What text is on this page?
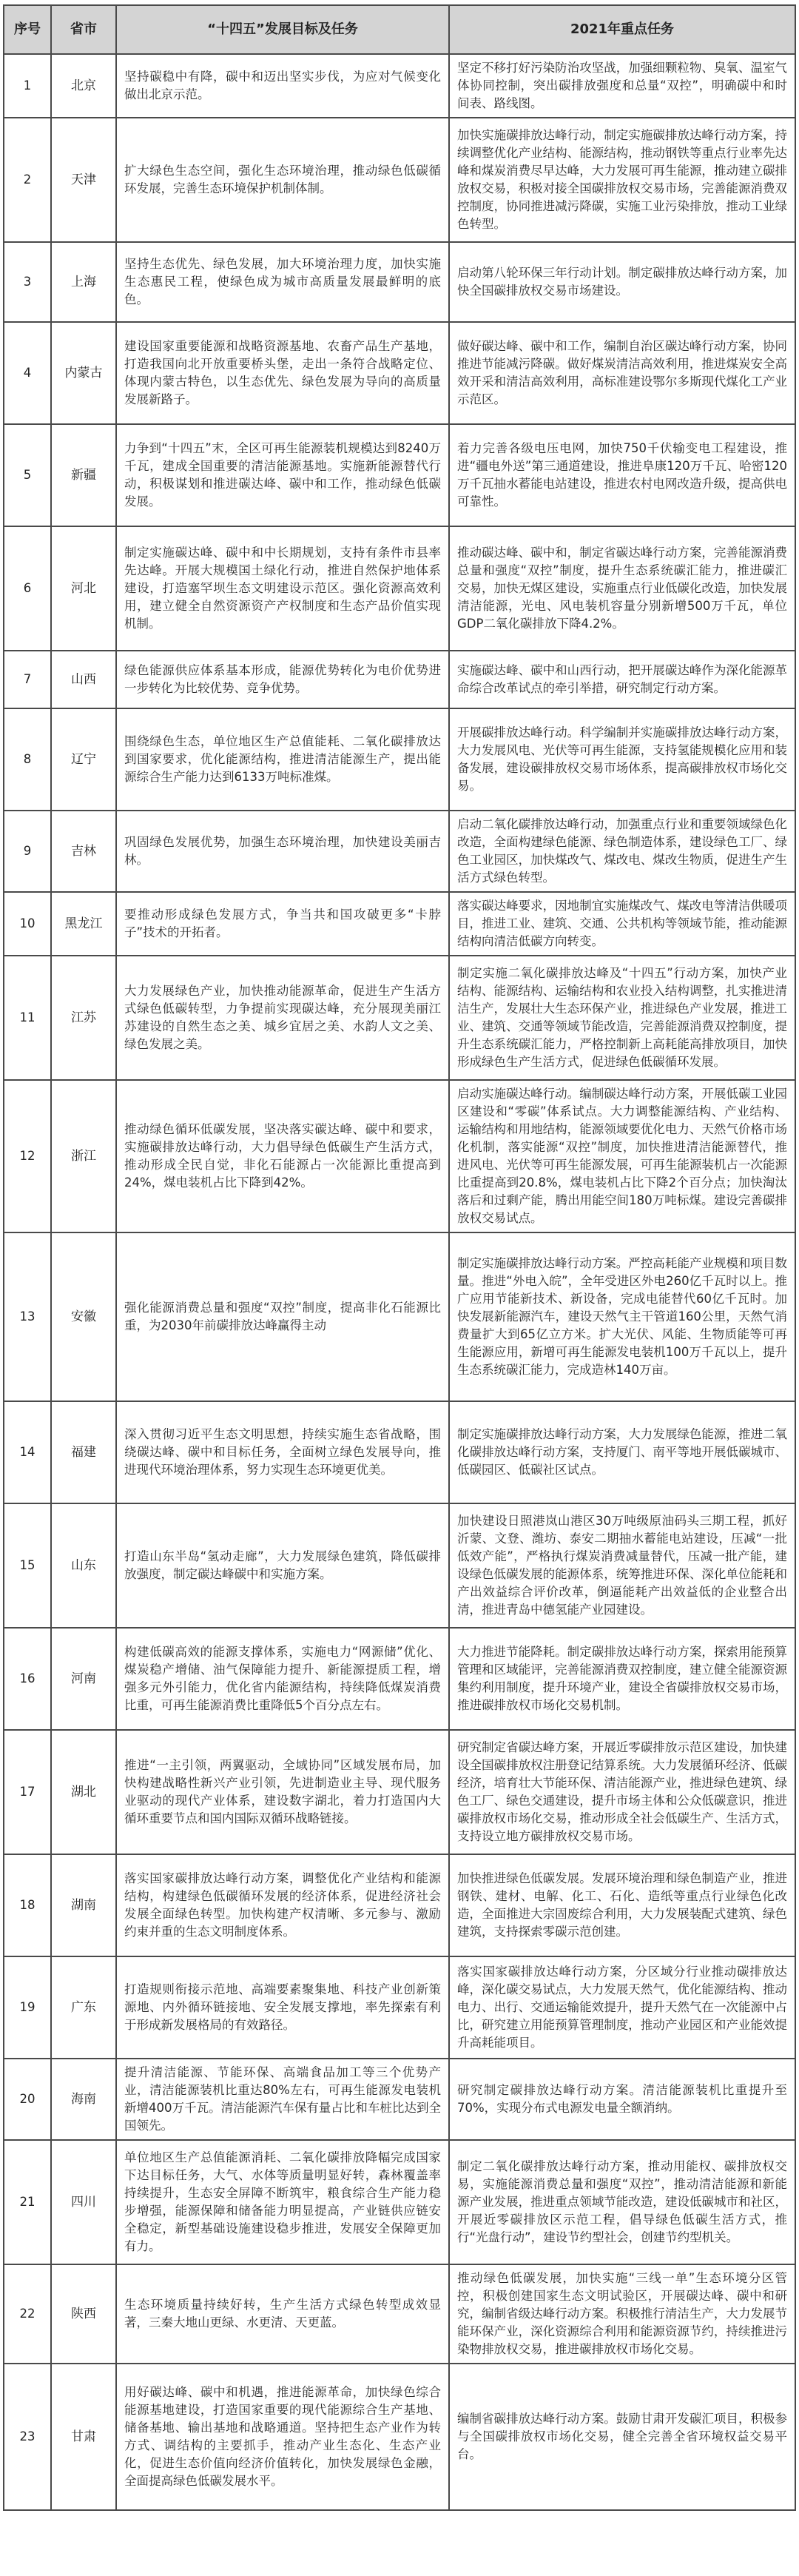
序号	省市	“十四五”发展目标及任务	2021年重点任务
1	北京	坚持碳稳中有降，碳中和迈出坚实步伐，为应对气候变化做出北京示范。	坚定不移打好污染防治攻坚战，加强细颗粒物、臭氧、温室气体协同控制，突出碳排放强度和总量“双控”，明确碳中和时间表、路线图。
2	天津	扩大绿色生态空间，强化生态环境治理，推动绿色低碳循环发展，完善生态环境保护机制体制。	加快实施碳排放达峰行动，制定实施碳排放达峰行动方案，持续调整优化产业结构、能源结构，推动钢铁等重点行业率先达峰和煤炭消费尽早达峰，大力发展可再生能源，推动建立碳排放权交易，积极对接全国碳排放权交易市场，完善能源消费双控制度，协同推进减污降碳，实施工业污染排放，推动工业绿色转型。
3	上海	坚持生态优先、绿色发展，加大环境治理力度，加快实施生态惠民工程，使绿色成为城市高质量发展最鲜明的底色。	启动第八轮环保三年行动计划。制定碳排放达峰行动方案，加快全国碳排放权交易市场建设。
4	内蒙古	建设国家重要能源和战略资源基地、农畜产品生产基地，打造我国向北开放重要桥头堡，走出一条符合战略定位、体现内蒙古特色，以生态优先、绿色发展为导向的高质量发展新路子。	做好碳达峰、碳中和工作，编制自治区碳达峰行动方案，协同推进节能减污降碳。做好煤炭清洁高效利用，推进煤炭安全高效开采和清洁高效利用，高标准建设鄂尔多斯现代煤化工产业示范区。
5	新疆	力争到“十四五”末，全区可再生能源装机规模达到8240万千瓦，建成全国重要的清洁能源基地。实施新能源替代行动，积极谋划和推进碳达峰、碳中和工作，推动绿色低碳发展。	着力完善各级电压电网，加快750千伏输变电工程建设，推进“疆电外送”第三通道建设，推进阜康120万千瓦、哈密120万千瓦抽水蓄能电站建设，推进农村电网改造升级，提高供电可靠性。
6	河北	制定实施碳达峰、碳中和中长期规划，支持有条件市县率先达峰。开展大规模国土绿化行动，推进自然保护地体系建设，打造塞罕坝生态文明建设示范区。强化资源高效利用，建立健全自然资源资产产权制度和生态产品价值实现机制。	推动碳达峰、碳中和，制定省碳达峰行动方案，完善能源消费总量和强度“双控”制度，提升生态系统碳汇能力，推进碳汇交易，加快无煤区建设，实施重点行业低碳化改造，加快发展清洁能源，光电、风电装机容量分别新增500万千瓦，单位GDP二氧化碳排放下降4.2%。
7	山西	绿色能源供应体系基本形成，能源优势转化为电价优势进一步转化为比较优势、竞争优势。	实施碳达峰、碳中和山西行动，把开展碳达峰作为深化能源革命综合改革试点的牵引举措，研究制定行动方案。
8	辽宁	围绕绿色生态，单位地区生产总值能耗、二氧化碳排放达到国家要求，优化能源结构，推进清洁能源生产，提出能源综合生产能力达到6133万吨标准煤。	开展碳排放达峰行动。科学编制并实施碳排放达峰行动方案，大力发展风电、光伏等可再生能源，支持氢能规模化应用和装备发展，建设碳排放权交易市场体系，提高碳排放权市场化交易。
9	吉林	巩固绿色发展优势，加强生态环境治理，加快建设美丽吉林。	启动二氧化碳排放达峰行动，加强重点行业和重要领域绿色化改造，全面构建绿色能源、绿色制造体系，建设绿色工厂、绿色工业园区，加快煤改气、煤改电、煤改生物质，促进生产生活方式绿色转型。
10	黑龙江	要推动形成绿色发展方式，争当共和国攻破更多“卡脖子”技术的开拓者。	落实碳达峰要求，因地制宜实施煤改气、煤改电等清洁供暖项目，推进工业、建筑、交通、公共机构等领域节能，推动能源结构向清洁低碳方向转变。
11	江苏	大力发展绿色产业，加快推动能源革命，促进生产生活方式绿色低碳转型，力争提前实现碳达峰，充分展现美丽江苏建设的自然生态之美、城乡宜居之美、水韵人文之美、绿色发展之美。	制定实施二氧化碳排放达峰及“十四五”行动方案，加快产业结构、能源结构、运输结构和农业投入结构调整，扎实推进清洁生产，发展壮大生态环保产业，推进绿色产业发展，推进工业、建筑、交通等领域节能改造，完善能源消费双控制度，提升生态系统碳汇能力，严格控制新上高耗能高排放项目，加快形成绿色生产生活方式，促进绿色低碳循环发展。
12	浙江	推动绿色循环低碳发展，坚决落实碳达峰、碳中和要求，实施碳排放达峰行动，大力倡导绿色低碳生产生活方式，推动形成全民自觉，非化石能源占一次能源比重提高到24%，煤电装机占比下降到42%。	启动实施碳达峰行动。编制碳达峰行动方案，开展低碳工业园区建设和“零碳”体系试点。大力调整能源结构、产业结构、运输结构和用地结构，能源领域要优化电力、天然气价格市场化机制，落实能源“双控”制度，加快推进清洁能源替代，推进风电、光伏等可再生能源发展，可再生能源装机占一次能源比重提高到20.8%，煤电装机占比下降2个百分点；加快淘汰落后和过剩产能，腾出用能空间180万吨标煤。建设完善碳排放权交易试点。
13	安徽	强化能源消费总量和强度“双控”制度，提高非化石能源比重，为2030年前碳排放达峰赢得主动	制定实施碳排放达峰行动方案。严控高耗能产业规模和项目数量。推进“外电入皖”，全年受进区外电260亿千瓦时以上。推广应用节能新技术、新设备，完成电能替代60亿千瓦时。加快发展新能源汽车，建设天然气主干管道160公里，天然气消费量扩大到65亿立方米。扩大光伏、风能、生物质能等可再生能源应用，新增可再生能源发电装机100万千瓦以上，提升生态系统碳汇能力，完成造林140万亩。
14	福建	深入贯彻习近平生态文明思想，持续实施生态省战略，围绕碳达峰、碳中和目标任务，全面树立绿色发展导向，推进现代环境治理体系，努力实现生态环境更优美。	制定实施碳排放达峰行动方案，大力发展绿色能源，推进二氧化碳排放达峰行动方案，支持厦门、南平等地开展低碳城市、低碳园区、低碳社区试点。
15	山东	打造山东半岛“氢动走廊”，大力发展绿色建筑，降低碳排放强度，制定碳达峰碳中和实施方案。	加快建设日照港岚山港区30万吨级原油码头三期工程，抓好沂蒙、文登、潍坊、泰安二期抽水蓄能电站建设，压减“一批低效产能”，严格执行煤炭消费减量替代，压减一批产能，建设绿色低碳发展的能源体系，统筹推进环保、深化单位能耗和产出效益综合评价改革，倒逼能耗产出效益低的企业整合出清，推进青岛中德氢能产业园建设。
16	河南	构建低碳高效的能源支撑体系，实施电力“网源储”优化、煤炭稳产增储、油气保障能力提升、新能源提质工程，增强多元外引能力，优化省内能源结构，持续降低煤炭消费比重，可再生能源消费比重降低5个百分点左右。	大力推进节能降耗。制定碳排放达峰行动方案，探索用能预算管理和区域能评，完善能源消费双控制度，建立健全能源资源集约利用制度，提升环境产业，建设全省碳排放权交易市场，推进碳排放权市场化交易机制。
17	湖北	推进“一主引领，两翼驱动，全域协同”区域发展布局，加快构建战略性新兴产业引领，先进制造业主导、现代服务业驱动的现代产业体系，建设数字湖北，着力打造国内大循环重要节点和国内国际双循环战略链接。	研究制定省碳达峰方案，开展近零碳排放示范区建设，加快建设全国碳排放权注册登记结算系统。大力发展循环经济、低碳经济，培育壮大节能环保、清洁能源产业，推进绿色建筑、绿色工厂、绿色交通建设，提升市场主体和公众低碳意识，推进碳排放权市场化交易，推动形成全社会低碳生产、生活方式，支持设立地方碳排放权交易市场。
18	湖南	落实国家碳排放达峰行动方案，调整优化产业结构和能源结构，构建绿色低碳循环发展的经济体系，促进经济社会发展全面绿色转型。加快构建产权清晰、多元参与、激励约束并重的生态文明制度体系。	加快推进绿色低碳发展。发展环境治理和绿色制造产业，推进钢铁、建材、电解、化工、石化、造纸等重点行业绿色化改造，全面推进大宗固废综合利用，大力发展装配式建筑、绿色建筑，支持探索零碳示范创建。
19	广东	打造规则衔接示范地、高端要素聚集地、科技产业创新策源地、内外循环链接地、安全发展支撑地，率先探索有利于形成新发展格局的有效路径。	落实国家碳排放达峰行动方案，分区域分行业推动碳排放达峰，深化碳交易试点，大力发展天然气，优化能源结构、推动电力、出行、交通运输能效提升，提升天然气在一次能源中占比，研究建立用能预算管理制度，推动产业园区和产业能效提升高耗能项目。
20	海南	提升清洁能源、节能环保、高端食品加工等三个优势产业，清洁能源装机比重达80%左右，可再生能源发电装机新增400万千瓦。清洁能源汽车保有量占比和车桩比达到全国领先。	研究制定碳排放达峰行动方案。清洁能源装机比重提升至70%，实现分布式电源发电量全额消纳。
21	四川	单位地区生产总值能源消耗、二氧化碳排放降幅完成国家下达目标任务，大气、水体等质量明显好转，森林覆盖率持续提升，生态安全屏障不断筑牢，粮食综合生产能力稳步增强，能源保障和储备能力明显提高，产业链供应链安全稳定，新型基础设施建设稳步推进，发展安全保障更加有力。	制定二氧化碳排放达峰行动方案，推动用能权、碳排放权交易，实施能源消费总量和强度“双控”，推动清洁能源和新能源产业发展，推进重点领域节能改造，建设低碳城市和社区，开展近零碳排放区示范工程，倡导绿色低碳生活方式，推行“光盘行动”，建设节约型社会，创建节约型机关。
22	陕西	生态环境质量持续好转，生产生活方式绿色转型成效显著，三秦大地山更绿、水更清、天更蓝。	推动绿色低碳发展，加快实施“三线一单”生态环境分区管控，积极创建国家生态文明试验区，开展碳达峰、碳中和研究，编制省级达峰行动方案。积极推行清洁生产，大力发展节能环保产业，深化资源综合利用和能源资源节约，持续推进污染物排放权交易，推进碳排放权市场化交易。
23	甘肃	用好碳达峰、碳中和机遇，推进能源革命，加快绿色综合能源基地建设，打造国家重要的现代能源综合生产基地、储备基地、输出基地和战略通道。坚持把生态产业作为转方式、调结构的主要抓手，推动产业生态化、生态产业化，促进生态价值向经济价值转化，加快发展绿色金融，全面提高绿色低碳发展水平。	编制省碳排放达峰行动方案。鼓励甘肃开发碳汇项目，积极参与全国碳排放权市场化交易，健全完善全省环境权益交易平台。
